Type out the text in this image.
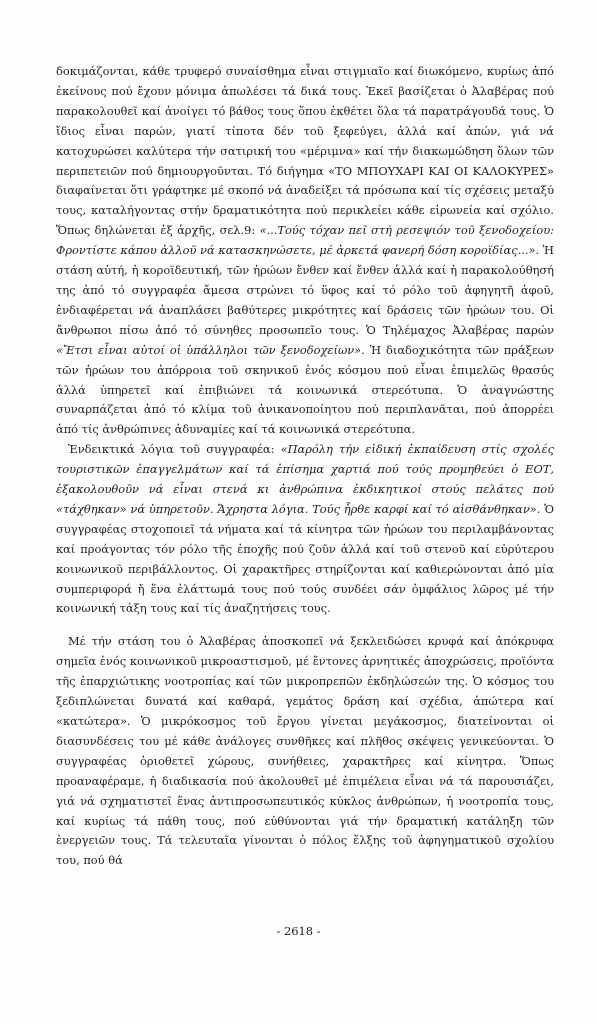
δοκιμάζονται, κάθε τρυφερό συναίσθημα εἶναι στιγμιαῖο καί διωκόμενο, κυρίως ἀπό ἐκείνους πού ἔχουν μόνιμα ἀπωλέσει τά δικά τους. Ἐκεῖ βασίζεται ὁ Ἀλαβέρας πού παρακολουθεῖ καί ἀνοίγει τό βάθος τους ὅπου ἐκθέτει ὅλα τά παρατράγουδά τους. Ὁ ἴδιος εἶναι παρών, γιατί τίποτα δέν τοῦ ξεφεύγει, ἀλλά καί ἀπών, γιά νά κατοχυρώσει καλύτερα τήν σατιρική του «μέριμνα» καί τήν διακωμώδηση ὅλων τῶν περιπετειῶν πού δημιουργοῦνται. Τό διήγημα «ΤΟ ΜΠΟΥΧΑΡΙ ΚΑΙ ΟΙ ΚΑΛΟΚΥΡΕΣ» διαφαίνεται ὅτι γράφτηκε μέ σκοπό νά ἀναδείξει τά πρόσωπα καί τίς σχέσεις μεταξύ τους, καταλήγοντας στήν δραματικότητα πού περικλείει κάθε εἰρωνεία καί σχόλιο. Ὅπως δηλώνεται ἐξ ἀρχῆς, σελ.9: «...Τούς τόχαν πεῖ στή ρεσεψιόν τοῦ ξενοδοχείου: Φροντίστε κάπου ἀλλοῦ νά κατασκηνώσετε, μέ ἀρκετά φανερή δόση κοροϊδίας...». Ἡ στάση αὐτή, ἡ κοροϊδευτική, τῶν ἡρώων ἔνθεν καί ἔνθεν ἀλλά καί ἡ παρακολούθησή της ἀπό τό συγγραφέα ἄμεσα στρώνει τό ὕφος καί τό ρόλο τοῦ ἀφηγητῆ ἀφοῦ, ἐνδιαφέρεται νά ἀναπλάσει βαθύτερες μικρότητες καί δράσεις τῶν ἡρώων του. Οἱ ἄνθρωποι πίσω ἀπό τό σύνηθες προσωπεῖο τους. Ὁ Τηλέμαχος Ἀλαβέρας παρών «Ἔτσι εἶναι αὐτοί οἱ ὑπάλληλοι τῶν ξενοδοχείων». Ἡ διαδοχικότητα τῶν πράξεων τῶν ἡρώων του ἀπόρροια τοῦ σκηνικοῦ ἑνός κόσμου πού εἶναι ἐπιμελῶς θρασύς ἀλλά ὑπηρετεῖ καί ἐπιβιώνει τά κοινωνικά στερεότυπα. Ὁ ἀναγνώστης συναρπάζεται ἀπό τό κλίμα τοῦ ἀνικανοποίητου πού περιπλανᾶται, πού ἀπορρέει ἀπό τίς ἀνθρώπινες ἀδυναμίες καί τά κοινωνικά στερεότυπα.

Ἐνδεικτικά λόγια τοῦ συγγραφέα: «Παρόλη τήν εἰδική ἐκπαίδευση στίς σχολές τουριστικῶν ἐπαγγελμάτων καί τά ἐπίσημα χαρτιά πού τούς προμηθεύει ὁ ΕΟΤ, ἐξακολουθοῦν νά εἶναι στενά κι ἀνθρώπινα ἐκδικητικοί στούς πελάτες πού «τάχθηκαν» νά ὑπηρετοῦν. Ἄχρηστα λόγια. Τούς ἦρθε καρφί καί τό αἰσθάνθηκαν». Ὁ συγγραφέας στοχοποιεῖ τά νήματα καί τά κίνητρα τῶν ἡρώων του περιλαμβάνοντας καί προάγοντας τόν ρόλο τῆς ἐποχῆς πού ζοῦν ἀλλά καί τοῦ στενοῦ καί εὐρύτερου κοινωνικοῦ περιβάλλοντος. Οἱ χαρακτῆρες στηρίζονται καί καθιερώνονται ἀπό μία συμπεριφορά ἤ ἕνα ἐλάττωμά τους πού τούς συνδέει σάν ὀμφάλιος λῶρος μέ τήν κοινωνική τάξη τους καί τίς ἀναζητήσεις τους.

Μέ τήν στάση του ὁ Ἀλαβέρας ἀποσκοπεῖ νά ξεκλειδώσει κρυφά καί ἀπόκρυφα σημεῖα ἑνός κοινωνικοῦ μικροαστισμοῦ, μέ ἔντονες ἀρνητικές ἀποχρώσεις, προϊόντα τῆς ἐπαρχιώτικης νοοτροπίας καί τῶν μικροπρεπῶν ἐκδηλώσεών της. Ὁ κόσμος του ξεδιπλώνεται δυνατά καί καθαρά, γεμάτος δράση καί σχέδια, ἀπώτερα καί «κατώτερα». Ὁ μικρόκοσμος τοῦ ἔργου γίνεται μεγάκοσμος, διατείνονται οἱ διασυνδέσεις του μέ κάθε ἀνάλογες συνθῆκες καί πλῆθος σκέψεις γενικεύονται. Ὁ συγγραφέας ὁριοθετεῖ χώρους, συνήθειες, χαρακτῆρες καί κίνητρα. Ὅπως προαναφέραμε, ἡ διαδικασία πού ἀκολουθεῖ μέ ἐπιμέλεια εἶναι νά τά παρουσιάζει, γιά νά σχηματιστεῖ ἕνας ἀντιπροσωπευτικός κύκλος ἀνθρώπων, ἡ νοοτροπία τους, καί κυρίως τά πάθη τους, πού εὐθύνονται γιά τήν δραματική κατάληξη τῶν ἐνεργειῶν τους. Τά τελευταῖα γίνονται ὁ πόλος ἕλξης τοῦ ἀφηγηματικοῦ σχολίου του, πού θά

- 2618 -
